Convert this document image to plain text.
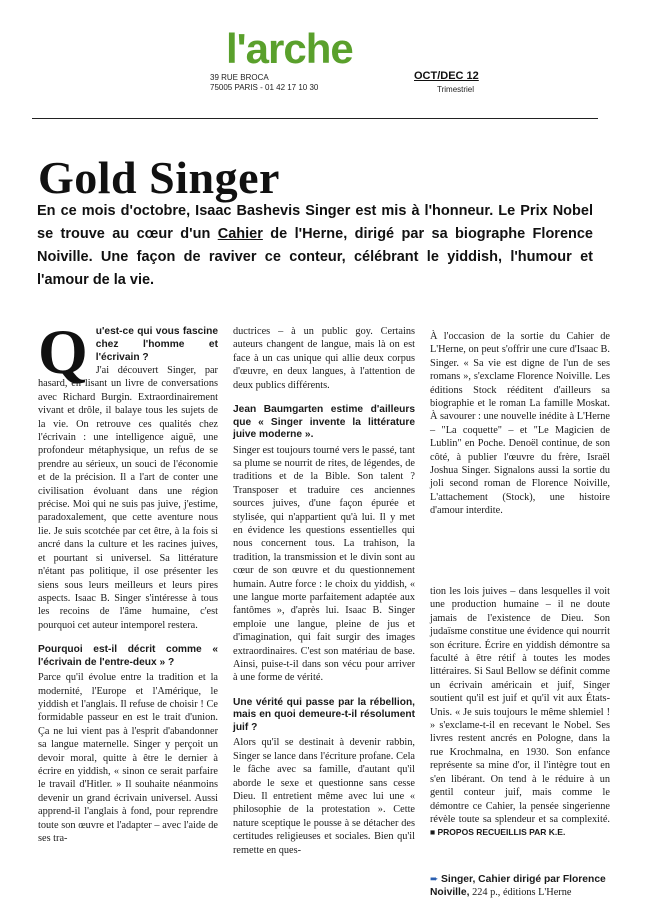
l'arche
39 RUE BROCA
75005 PARIS - 01 42 17 10 30
OCT/DEC 12
Trimestriel
Gold Singer
En ce mois d'octobre, Isaac Bashevis Singer est mis à l'honneur. Le Prix Nobel se trouve au cœur d'un Cahier de l'Herne, dirigé par sa biographe Florence Noiville. Une façon de raviver ce conteur, célébrant le yiddish, l'humour et l'amour de la vie.
Q u'est-ce qui vous fascine chez l'homme et l'écrivain ?

J'ai découvert Singer, par hasard, en lisant un livre de conversations avec Richard Burgin. Extraordinairement vivant et drôle, il balaye tous les sujets de la vie. On retrouve ces qualités chez l'écrivain : une intelligence aiguë, une profondeur métaphysique, un refus de se prendre au sérieux, un souci de l'économie et de la précision. Il a l'art de conter une civilisation évoluant dans une région précise. Moi qui ne suis pas juive, j'estime, paradoxalement, que cette aventure nous lie. Je suis scotchée par cet être, à la fois si ancré dans la culture et les racines juives, et pourtant si universel. Sa littérature n'étant pas politique, il ose présenter les siens sous leurs meilleurs et leurs pires aspects. Isaac B. Singer s'intéresse à tous les recoins de l'âme humaine, c'est pourquoi cet auteur intemporel restera.

Pourquoi est-il décrit comme « l'écrivain de l'entre-deux » ?

Parce qu'il évolue entre la tradition et la modernité, l'Europe et l'Amérique, le yiddish et l'anglais. Il refuse de choisir ! Ce formidable passeur en est le trait d'union. Ça ne lui vient pas à l'esprit d'abandonner sa langue maternelle. Singer y perçoit un devoir moral, quitte à être le dernier à écrire en yiddish, « sinon ce serait parfaire le travail d'Hitler. » Il souhaite néanmoins devenir un grand écrivain universel. Aussi apprend-il l'anglais à fond, pour reprendre toute son œuvre et l'adapter – avec l'aide de ses tra-

ductrices – à un public goy. Certains auteurs changent de langue, mais là on est face à un cas unique qui allie deux corpus d'œuvre, en deux langues, à l'attention de deux publics différents.

Jean Baumgarten estime d'ailleurs que « Singer invente la littérature juive moderne ».

Singer est toujours tourné vers le passé, tant sa plume se nourrit de rites, de légendes, de traditions et de la Bible. Son talent ? Transposer et traduire ces anciennes sources juives, d'une façon épurée et stylisée, qui n'appartient qu'à lui. Il y met en évidence les questions essentielles qui nous concernent tous. La trahison, la tradition, la transmission et le divin sont au cœur de son œuvre et du questionnement humain. Autre force : le choix du yiddish, « une langue morte parfaitement adaptée aux fantômes », d'après lui. Isaac B. Singer emploie une langue, pleine de jus et d'imagination, qui fait surgir des images extraordinaires. C'est son matériau de base. Ainsi, puise-t-il dans son vécu pour arriver à une forme de vérité.

Une vérité qui passe par la rébellion, mais en quoi demeure-t-il résolument juif ?

Alors qu'il se destinait à devenir rabbin, Singer se lance dans l'écriture profane. Cela le fâche avec sa famille, d'autant qu'il aborde le sexe et questionne sans cesse Dieu. Il entretient même avec lui une « philosophie de la protestation ». Cette nature sceptique le pousse à se détacher des certitudes religieuses et sociales. Bien qu'il remette en ques-

À l'occasion de la sortie du Cahier de L'Herne, on peut s'offrir une cure d'Isaac B. Singer. « Sa vie est digne de l'un de ses romans », s'exclame Florence Noiville. Les éditions Stock rééditent d'ailleurs sa biographie et le roman La famille Moskat. À savourer : une nouvelle inédite à L'Herne – "La coquette" – et "Le Magicien de Lublin" en Poche. Denoël continue, de son côté, à publier l'œuvre du frère, Israël Joshua Singer. Signalons aussi la sortie du joli second roman de Florence Noiville, L'attachement (Stock), une histoire d'amour interdite.

tion les lois juives – dans lesquelles il voit une production humaine – il ne doute jamais de l'existence de Dieu. Son judaïsme constitue une évidence qui nourrit son écriture. Écrire en yiddish démontre sa faculté à être rétif à toutes les modes littéraires. Si Saul Bellow se définit comme un écrivain américain et juif, Singer soutient qu'il est juif et qu'il vit aux États-Unis. « Je suis toujours le même shlemiel ! » s'exclame-t-il en recevant le Nobel. Ses livres restent ancrés en Pologne, dans la rue Krochmalna, en 1930. Son enfance représente sa mine d'or, il l'intègre tout en s'en libérant. On tend à le réduire à un gentil conteur juif, mais comme le démontre ce Cahier, la pensée singerienne révèle toute sa splendeur et sa complexité. ■ PROPOS RECUEILLIS PAR K.E.

➨ Singer, Cahier dirigé par Florence Noiville, 224 p., éditions L'Herne
